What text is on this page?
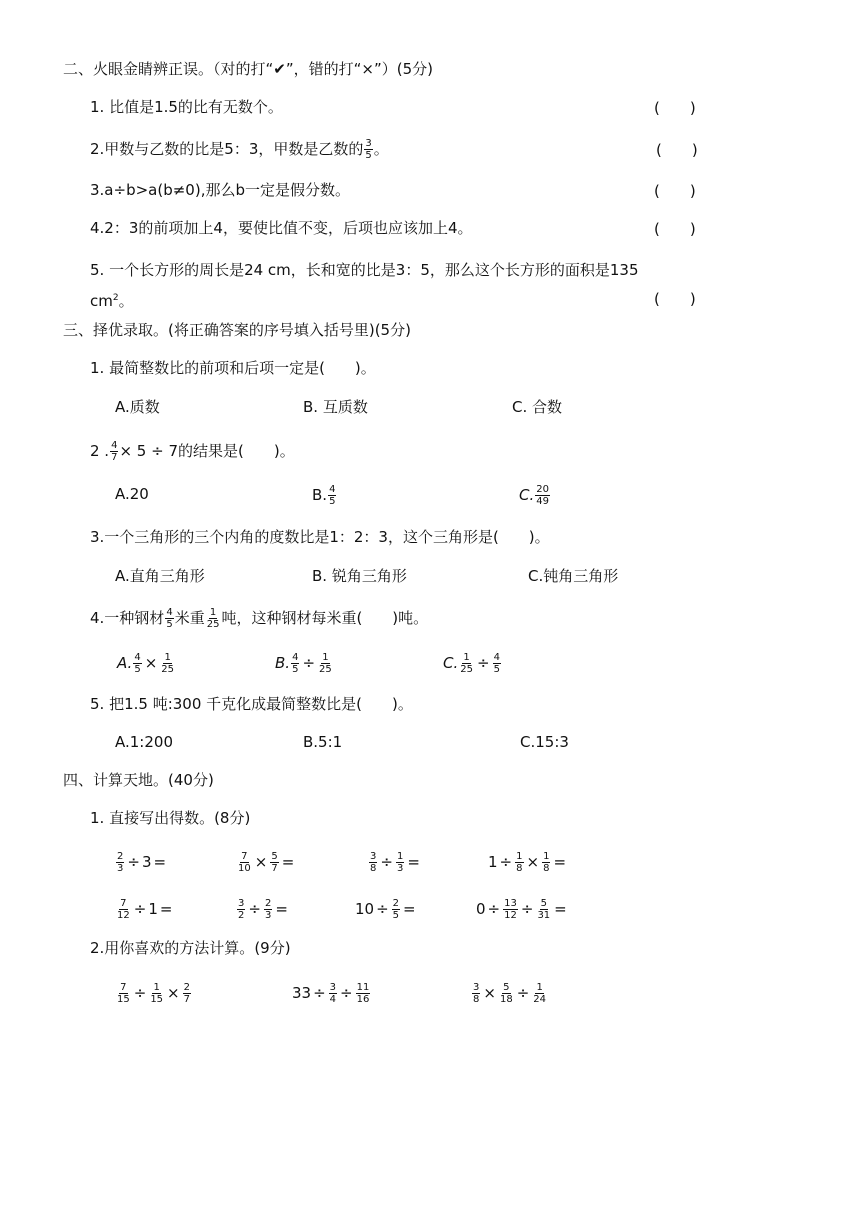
二、火眼金睛辨正误。（对的打“✔”，错的打“×”）(5分)
1. 比值是1.5的比有无数个。	(　　)
2.甲数与乙数的比是5：3，甲数是乙数的 $\frac{3}{5}$ 。	(　　)
3.a÷b>a(b≠0),那么b一定是假分数。	(　　)
4.2：3的前项加上4，要使比值不变，后项也应该加上4。	(　　)
5. 一个长方形的周长是24 cm，长和宽的比是3：5，那么这个长方形的面积是135
$cm^2$。	(　　)
三、择优录取。(将正确答案的序号填入括号里)(5分)
1. 最简整数比的前项和后项一定是(　　)。
A.质数	B. 互质数	C. 合数
2 . $\frac{4}{7} \times 5 \div 7$的结果是(　　)。
A.20	B. $\frac{4}{5}$	C. $\frac{20}{49}$
3.一个三角形的三个内角的度数比是1：2：3，这个三角形是(　　)。
A.直角三角形	B. 锐角三角形	C.钝角三角形
4.一种钢材 $\frac{4}{5}$ 米重 $\frac{1}{25}$ 吨，这种钢材每米重(　　)吨。
A. $\frac{4}{5} \times \frac{1}{25}$	B. $\frac{4}{5} \div \frac{1}{25}$	C. $\frac{1}{25} \div \frac{4}{5}$
5. 把1.5 吨:300 千克化成最简整数比是(　　)。
A.1:200	B.5:1	C.15:3
四、计算天地。(40分)
1. 直接写出得数。(8分)
$\frac{2}{3} \div 3$ =	$\frac{7}{10} \times \frac{5}{7}$ =	$\frac{3}{8} \div \frac{1}{3}$ =	$1 \div \frac{1}{8} \times \frac{1}{8}$ =
$\frac{7}{12} \div 1$ =	$\frac{3}{2} \div \frac{2}{3}$ =	$10 \div \frac{2}{5}$ =	$0 \div \frac{13}{12} \div \frac{5}{31}$ =
2.用你喜欢的方法计算。(9分)
$\frac{7}{15} \div \frac{1}{15} \times \frac{2}{7}$	$33 \div \frac{3}{4} \div \frac{11}{16}$	$\frac{3}{8} \times \frac{5}{18} \div \frac{1}{24}$
